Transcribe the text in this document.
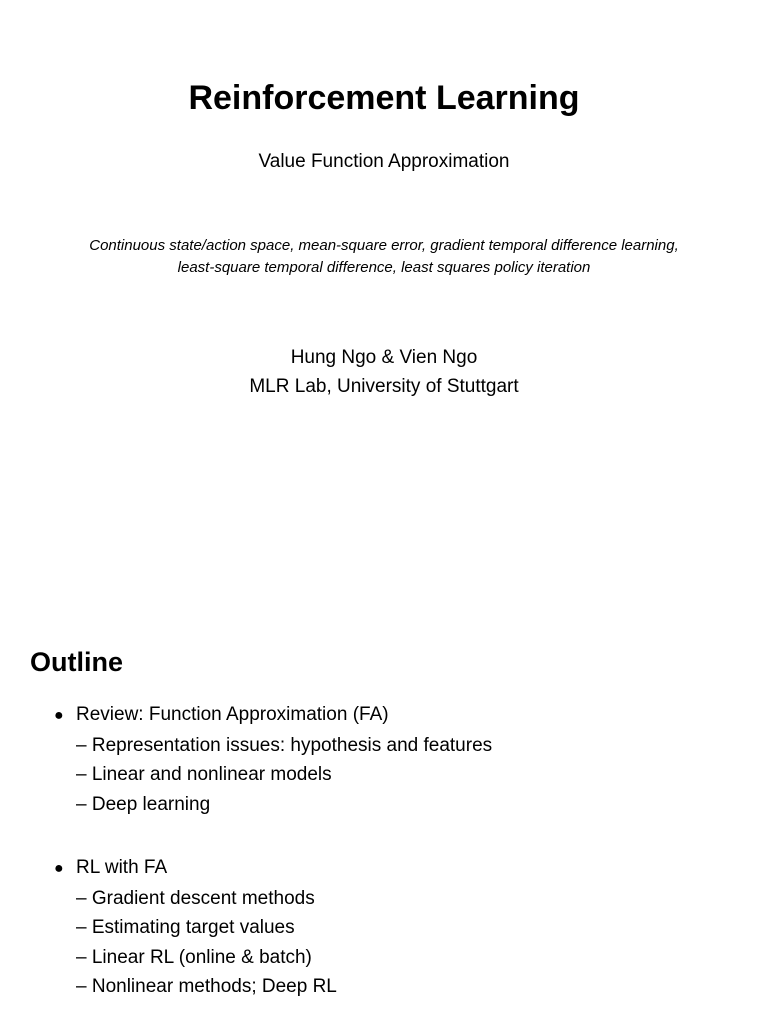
Reinforcement Learning

Value Function Approximation

Continuous state/action space, mean-square error, gradient temporal difference learning,
least-square temporal difference, least squares policy iteration
Hung Ngo & Vien Ngo
MLR Lab, University of Stuttgart
Outline
● Review: Function Approximation (FA)
– Representation issues: hypothesis and features
– Linear and nonlinear models
– Deep learning
● RL with FA
– Gradient descent methods
– Estimating target values
– Linear RL (online & batch)
– Nonlinear methods; Deep RL
